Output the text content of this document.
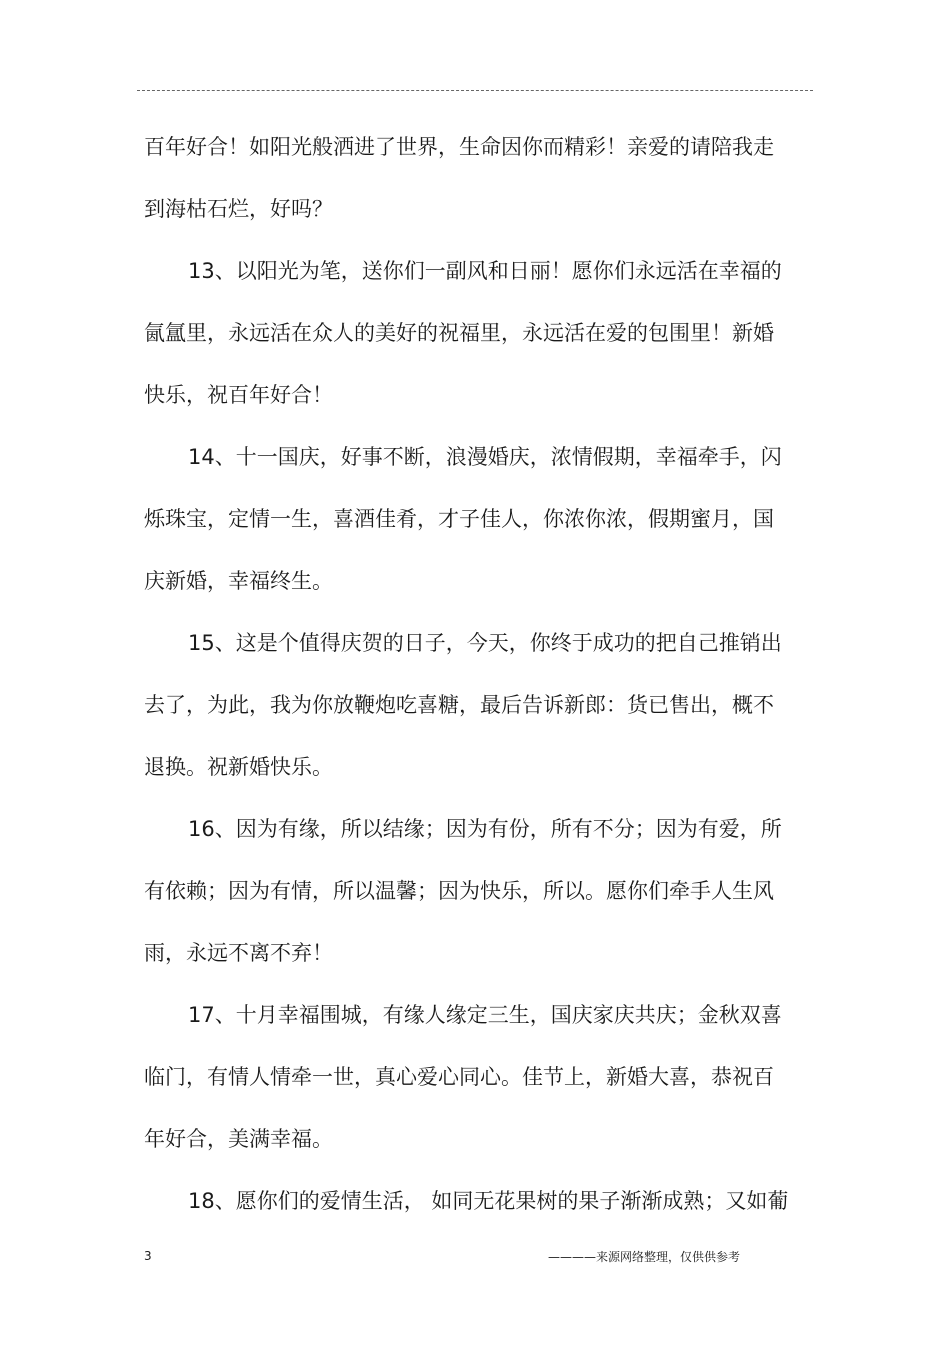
百年好合！如阳光般洒进了世界，生命因你而精彩！亲爱的请陪我走
到海枯石烂，好吗？
13、以阳光为笔，送你们一副风和日丽！愿你们永远活在幸福的
氤氲里，永远活在众人的美好的祝福里，永远活在爱的包围里！新婚
快乐，祝百年好合！
14、十一国庆，好事不断，浪漫婚庆，浓情假期，幸福牵手，闪
烁珠宝，定情一生，喜酒佳肴，才子佳人，你浓你浓，假期蜜月，国
庆新婚，幸福终生。
15、这是个值得庆贺的日子，今天，你终于成功的把自己推销出
去了，为此，我为你放鞭炮吃喜糖，最后告诉新郎：货已售出，概不
退换。祝新婚快乐。
16、因为有缘，所以结缘；因为有份，所有不分；因为有爱，所
有依赖；因为有情，所以温馨；因为快乐，所以。愿你们牵手人生风
雨，永远不离不弃！
17、十月幸福围城，有缘人缘定三生，国庆家庆共庆；金秋双喜
临门，有情人情牵一世，真心爱心同心。佳节上，新婚大喜，恭祝百
年好合，美满幸福。
18、愿你们的爱情生活， 如同无花果树的果子渐渐成熟；又如葡
3	————来源网络整理，仅供供参考
